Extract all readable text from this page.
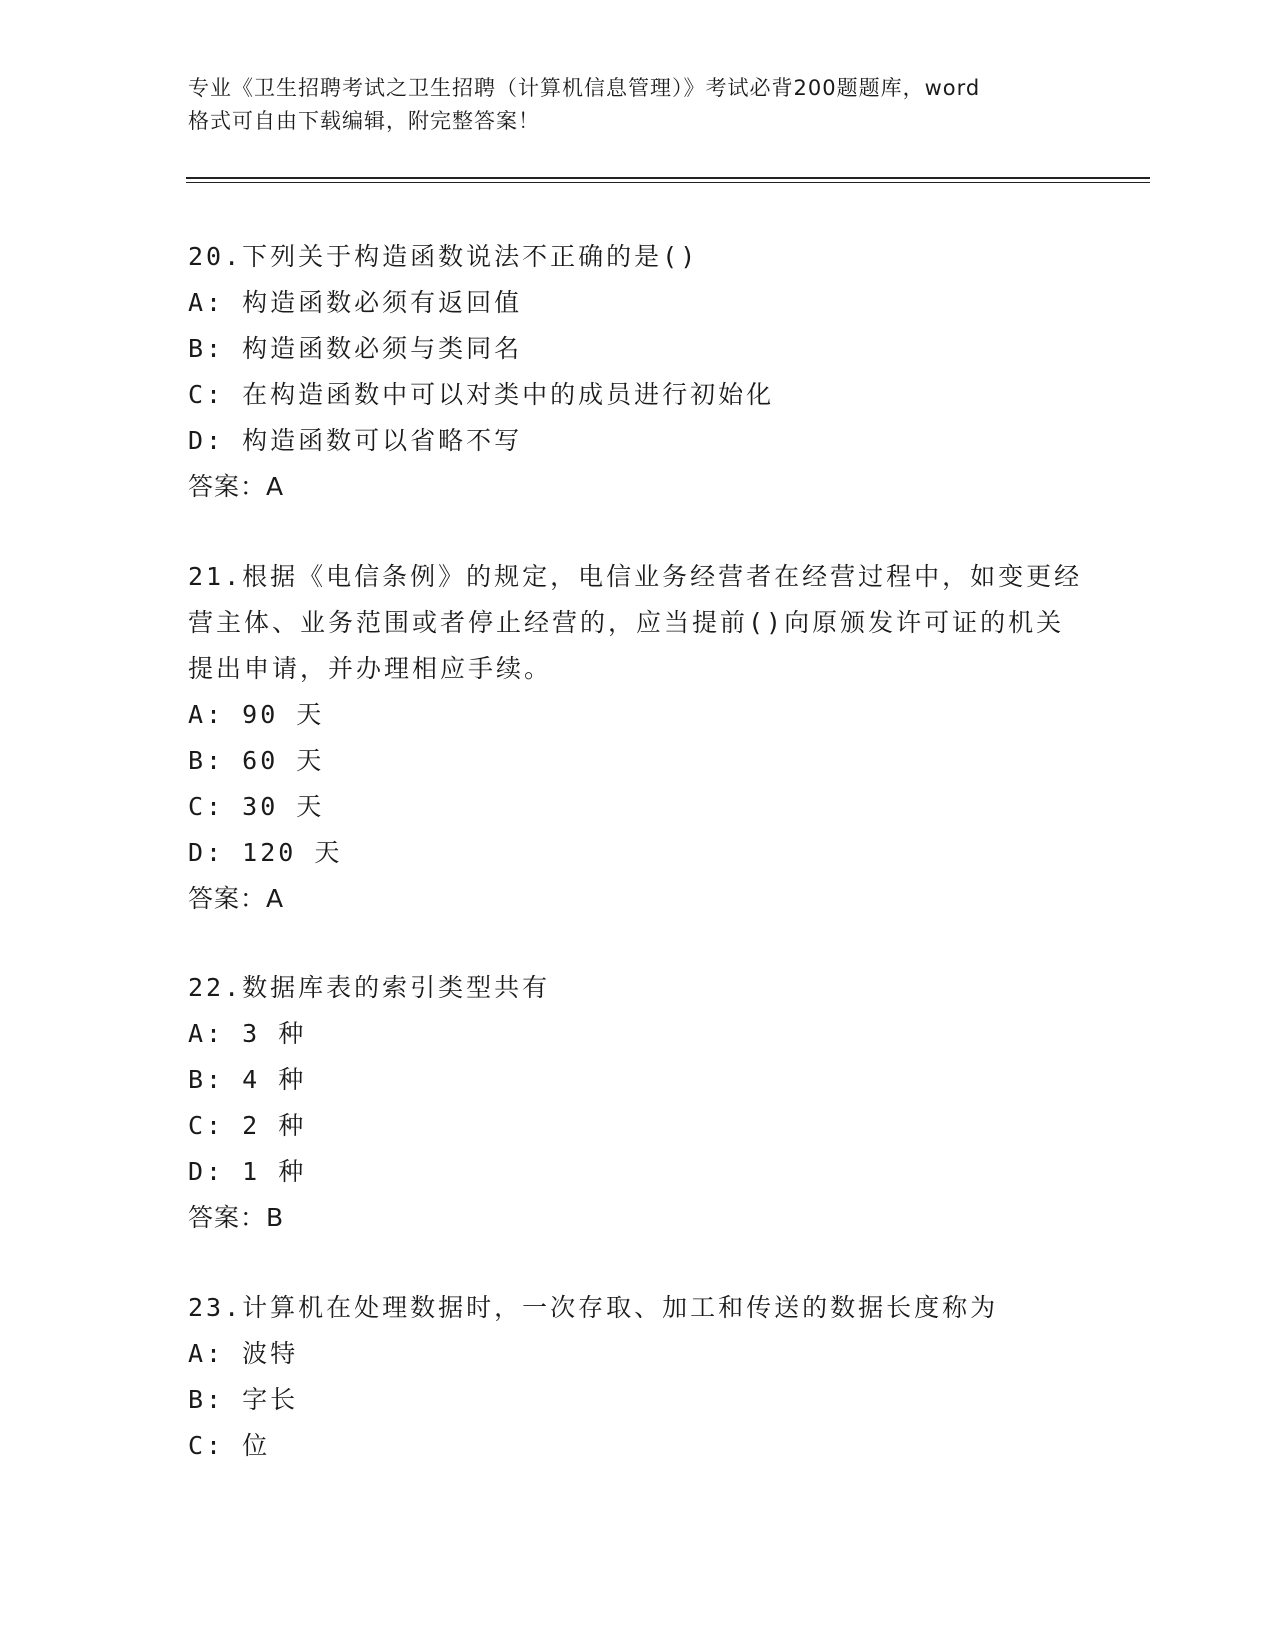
专业《卫生招聘考试之卫生招聘（计算机信息管理）》考试必背200题题库，word
格式可自由下载编辑，附完整答案！

20.下列关于构造函数说法不正确的是()

A: 构造函数必须有返回值

B: 构造函数必须与类同名

C: 在构造函数中可以对类中的成员进行初始化

D: 构造函数可以省略不写

答案：A

21.根据《电信条例》的规定，电信业务经营者在经营过程中，如变更经营主体、业务范围或者停止经营的，应当提前()向原颁发许可证的机关提出申请，并办理相应手续。

A: 90 天

B: 60 天

C: 30 天

D: 120 天

答案：A

22.数据库表的索引类型共有

A: 3 种

B: 4 种

C: 2 种

D: 1 种

答案：B

23.计算机在处理数据时，一次存取、加工和传送的数据长度称为

A: 波特

B: 字长

C: 位
